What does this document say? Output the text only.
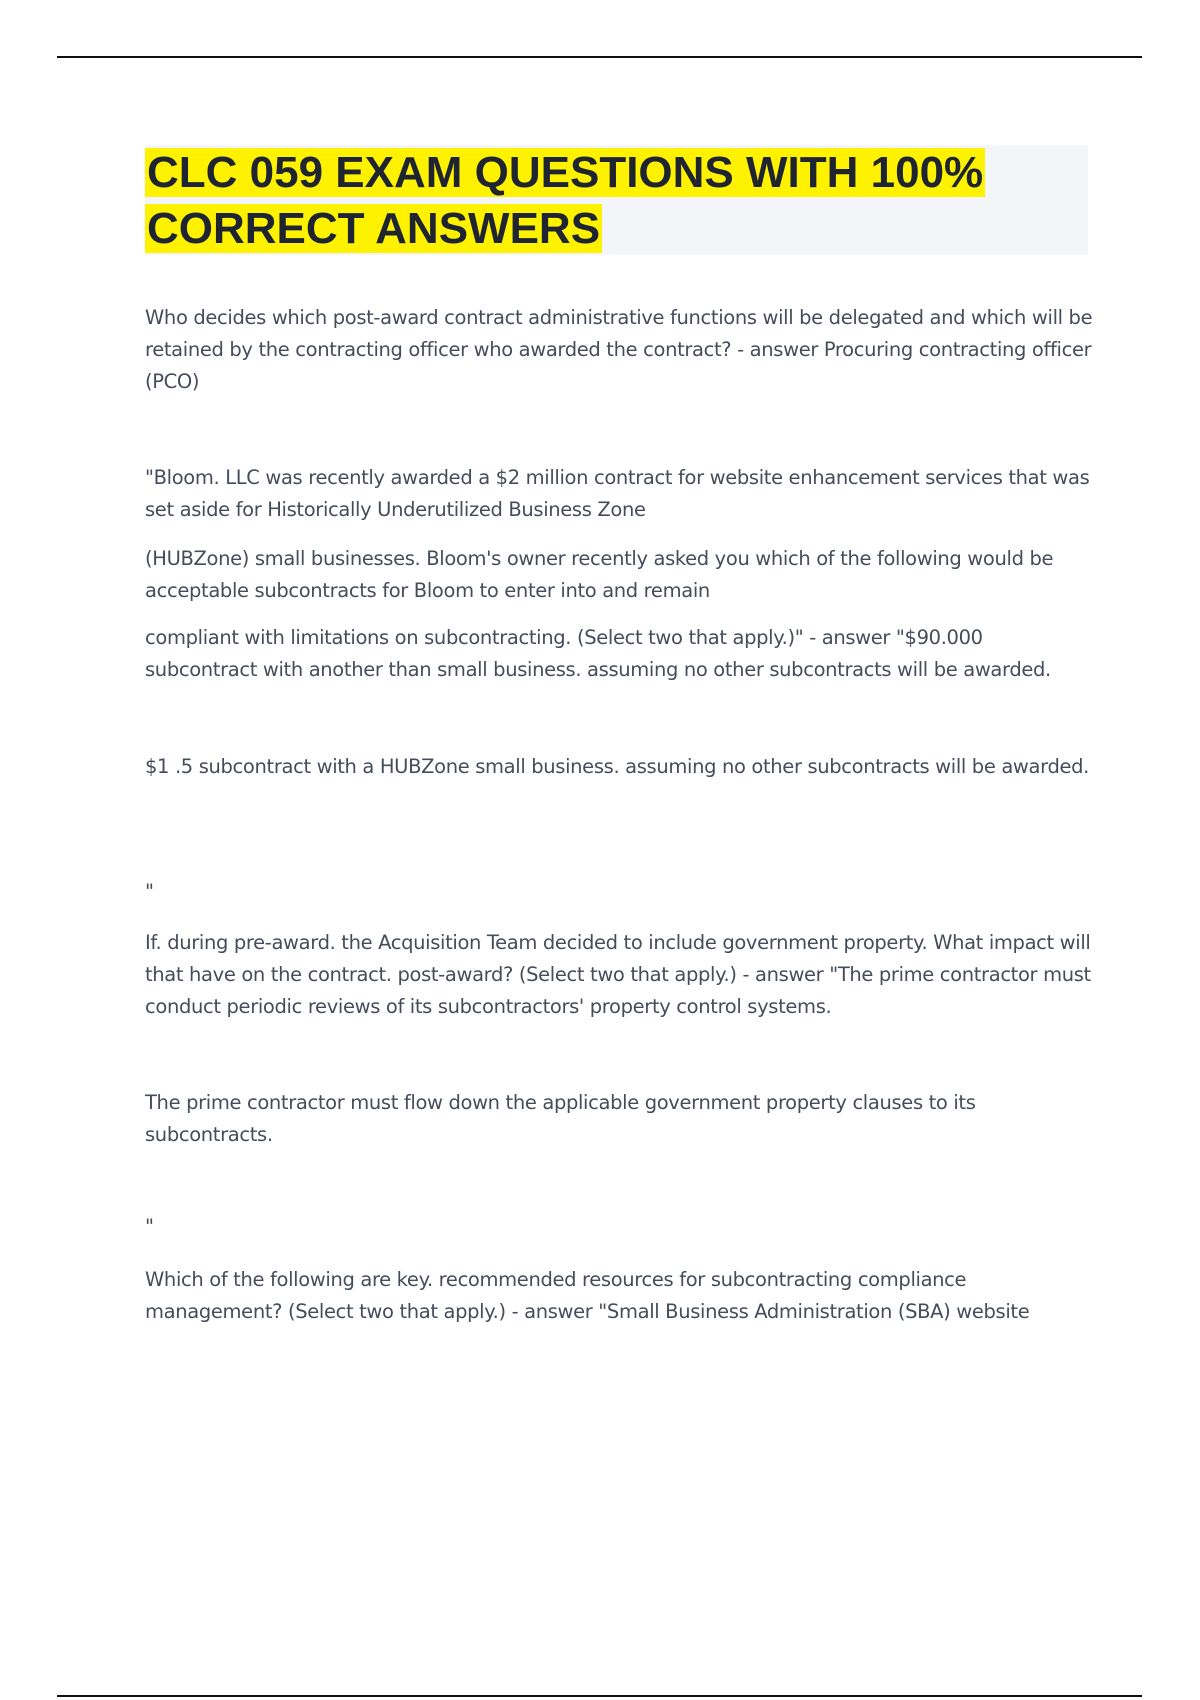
CLC 059 EXAM QUESTIONS WITH 100%
CORRECT ANSWERS

Who decides which post-award contract administrative functions will be delegated and which will be retained by the contracting officer who awarded the contract? - answer Procuring contracting officer (PCO)

"Bloom. LLC was recently awarded a $2 million contract for website enhancement services that was set aside for Historically Underutilized Business Zone

(HUBZone) small businesses. Bloom's owner recently asked you which of the following would be acceptable subcontracts for Bloom to enter into and remain

compliant with limitations on subcontracting. (Select two that apply.)" - answer "$90.000 subcontract with another than small business. assuming no other subcontracts will be awarded.

$1 .5 subcontract with a HUBZone small business. assuming no other subcontracts will be awarded.

"

If. during pre-award. the Acquisition Team decided to include government property. What impact will that have on the contract. post-award? (Select two that apply.) - answer "The prime contractor must conduct periodic reviews of its subcontractors' property control systems.

The prime contractor must flow down the applicable government property clauses to its subcontracts.

"

Which of the following are key. recommended resources for subcontracting compliance management? (Select two that apply.) - answer "Small Business Administration (SBA) website
